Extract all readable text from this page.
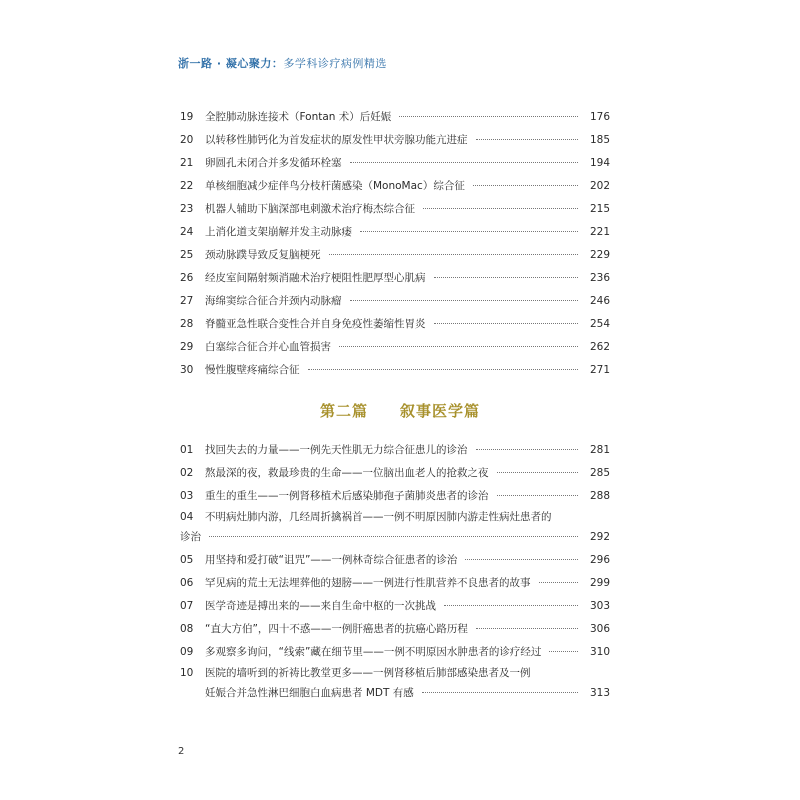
浙一路 · 凝心聚力：多学科诊疗病例精选
19	全腔肺动脉连接术（Fontan 术）后妊娠	176
20	以转移性肺钙化为首发症状的原发性甲状旁腺功能亢进症	185
21	卵圆孔未闭合并多发循环栓塞	194
22	单核细胞减少症伴鸟分枝杆菌感染（MonoMac）综合征	202
23	机器人辅助下脑深部电刺激术治疗梅杰综合征	215
24	上消化道支架崩解并发主动脉瘘	221
25	颈动脉蹼导致反复脑梗死	229
26	经皮室间隔射频消融术治疗梗阻性肥厚型心肌病	236
27	海绵窦综合征合并颈内动脉瘤	246
28	脊髓亚急性联合变性合并自身免疫性萎缩性胃炎	254
29	白塞综合征合并心血管损害	262
30	慢性腹壁疼痛综合征	271
第二篇 叙事医学篇
01	找回失去的力量——一例先天性肌无力综合征患儿的诊治	281
02	熬最深的夜，救最珍贵的生命——一位脑出血老人的抢救之夜	285
03	重生的重生——一例肾移植术后感染肺孢子菌肺炎患者的诊治	288
04	不明病灶肺内游，几经周折擒祸首——一例不明原因肺内游走性病灶患者的
诊治	292
05	用坚持和爱打破“诅咒”——一例林奇综合征患者的诊治	296
06	罕见病的荒土无法埋葬他的翅膀——一例进行性肌营养不良患者的故事	299
07	医学奇迹是搏出来的——来自生命中枢的一次挑战	303
08	“直大方伯”，四十不惑——一例肝癌患者的抗癌心路历程	306
09	多观察多询问，“线索”藏在细节里——一例不明原因水肿患者的诊疗经过	310
10	医院的墙听到的祈祷比教堂更多——一例肾移植后肺部感染患者及一例
妊娠合并急性淋巴细胞白血病患者 MDT 有感	313
2
